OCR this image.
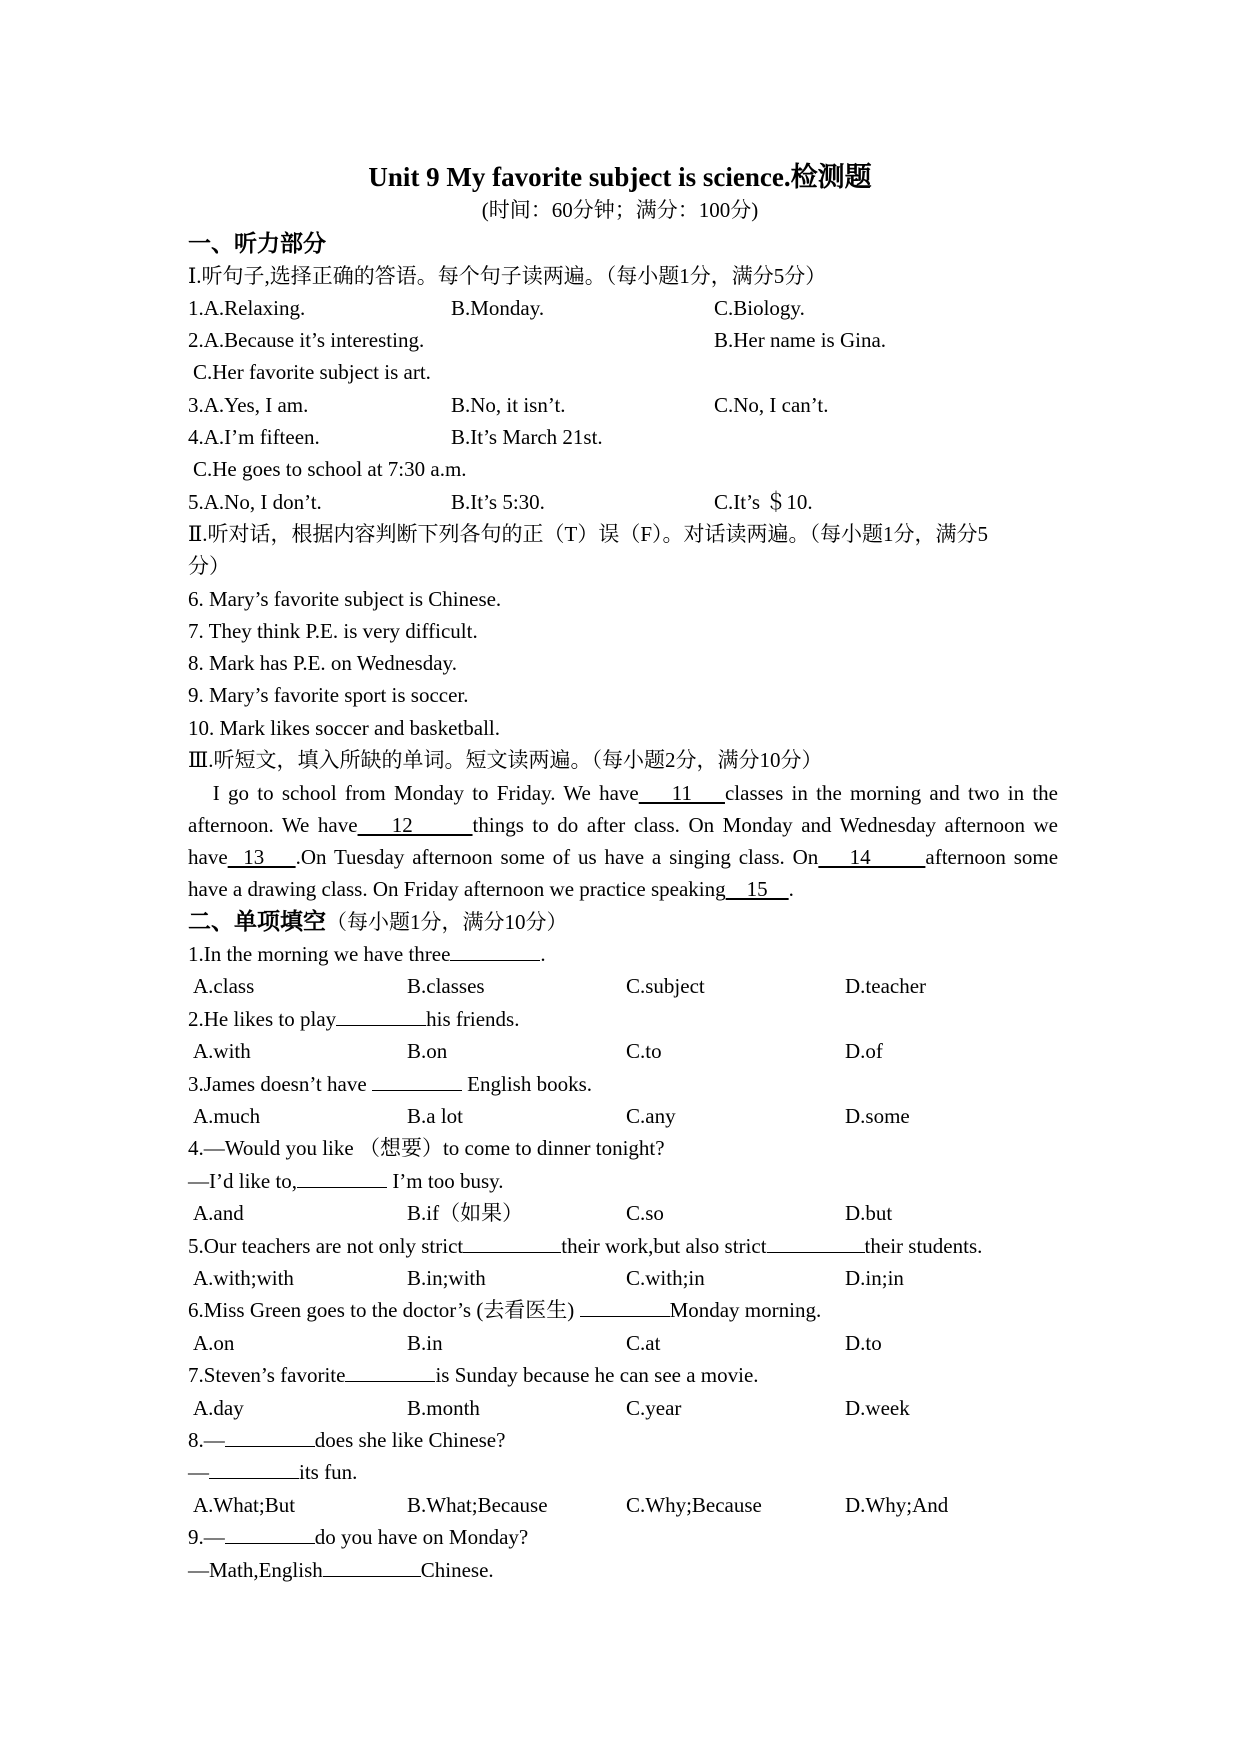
Unit 9 My favorite subject is science.检测题
(时间：60分钟；满分：100分)
一、听力部分
Ⅰ.听句子,选择正确的答语。每个句子读两遍。（每小题1分，满分5分）
1.A.Relaxing.	B.Monday.	C.Biology.
2.A.Because it’s interesting.	B.Her name is Gina.
C.Her favorite subject is art.
3.A.Yes, I am.	B.No, it isn’t.	C.No, I can’t.
4.A.I’m fifteen.	B.It’s March 21st.
C.He goes to school at 7:30 a.m.
5.A.No, I don’t.	B.It’s 5:30.	C.It’s ＄10.
Ⅱ.听对话，根据内容判断下列各句的正（T）误（F）。对话读两遍。（每小题1分，满分5
分）
6. Mary’s favorite subject is Chinese.
7. They think P.E. is very difficult.
8. Mark has P.E. on Wednesday.
9. Mary’s favorite sport is soccer.
10. Mark likes soccer and basketball.
Ⅲ.听短文，填入所缺的单词。短文读两遍。（每小题2分，满分10分）
I go to school from Monday to Friday. We have    11    classes in the morning and two in the
afternoon. We have    12       things to do after class. On Monday and Wednesday afternoon we
have  13    .On Tuesday afternoon some of us have a singing class. On    14       afternoon some
have a drawing class. On Friday afternoon we practice speaking    15    .
二、单项填空（每小题1分，满分10分）
1.In the morning we have three	.
A.class	B.classes	C.subject	D.teacher
2.He likes to play	his friends.
A.with	B.on	C.to	D.of
3.James doesn’t have	English books.
A.much	B.a lot	C.any	D.some
4.—Would you like （想要）to come to dinner tonight?
—I’d like to,	I’m too busy.
A.and	B.if（如果）	C.so	D.but
5.Our teachers are not only strict	their work,but also strict	their students.
A.with;with	B.in;with	C.with;in	D.in;in
6.Miss Green goes to the doctor’s (去看医生)	Monday morning.
A.on	B.in	C.at	D.to
7.Steven’s favorite	is Sunday because he can see a movie.
A.day	B.month	C.year	D.week
8.—	does she like Chinese?
—	its fun.
A.What;But	B.What;Because	C.Why;Because	D.Why;And
9.—	do you have on Monday?
—Math,English	Chinese.
